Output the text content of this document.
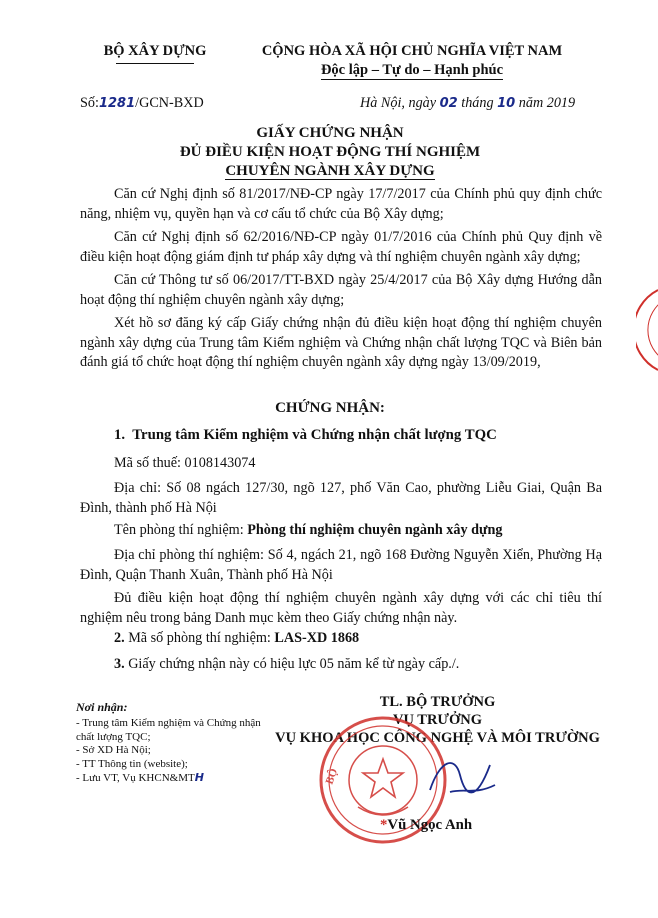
BỘ XÂY DỰNG	CỘNG HÒA XÃ HỘI CHỦ NGHĨA VIỆT NAM
Độc lập – Tự do – Hạnh phúc
Số:1281/GCN-BXD	Hà Nội, ngày 02 tháng 10 năm 2019
GIẤY CHỨNG NHẬN
ĐỦ ĐIỀU KIỆN HOẠT ĐỘNG THÍ NGHIỆM
CHUYÊN NGÀNH XÂY DỰNG
Căn cứ Nghị định số 81/2017/NĐ-CP ngày 17/7/2017 của Chính phủ quy định chức năng, nhiệm vụ, quyền hạn và cơ cấu tổ chức của Bộ Xây dựng;
Căn cứ Nghị định số 62/2016/NĐ-CP ngày 01/7/2016 của Chính phủ Quy định về điều kiện hoạt động giám định tư pháp xây dựng và thí nghiệm chuyên ngành xây dựng;
Căn cứ Thông tư số 06/2017/TT-BXD ngày 25/4/2017 của Bộ Xây dựng Hướng dẫn hoạt động thí nghiệm chuyên ngành xây dựng;
Xét hồ sơ đăng ký cấp Giấy chứng nhận đủ điều kiện hoạt động thí nghiệm chuyên ngành xây dựng của Trung tâm Kiểm nghiệm và Chứng nhận chất lượng TQC và Biên bản đánh giá tổ chức hoạt động thí nghiệm chuyên ngành xây dựng ngày 13/09/2019,
CHỨNG NHẬN:
1. Trung tâm Kiểm nghiệm và Chứng nhận chất lượng TQC
Mã số thuế: 0108143074
Địa chỉ: Số 08 ngách 127/30, ngõ 127, phố Văn Cao, phường Liễu Giai, Quận Ba Đình, thành phố Hà Nội
Tên phòng thí nghiệm: Phòng thí nghiệm chuyên ngành xây dựng
Địa chỉ phòng thí nghiệm: Số 4, ngách 21, ngõ 168 Đường Nguyễn Xiển, Phường Hạ Đình, Quận Thanh Xuân, Thành phố Hà Nội
Đủ điều kiện hoạt động thí nghiệm chuyên ngành xây dựng với các chỉ tiêu thí nghiệm nêu trong bảng Danh mục kèm theo Giấy chứng nhận này.
2. Mã số phòng thí nghiệm: LAS-XD 1868
3. Giấy chứng nhận này có hiệu lực 05 năm kể từ ngày cấp./.
Nơi nhận:
- Trung tâm Kiểm nghiệm và Chứng nhận chất lượng TQC;
- Sở XD Hà Nội;
- TT Thông tin (website);
- Lưu VT, Vụ KHCN&MTH
TL. BỘ TRƯỞNG
VỤ TRƯỞNG
VỤ KHOA HỌC CÔNG NGHỆ VÀ MÔI TRƯỜNG
BỘ
*Vũ Ngọc Anh
